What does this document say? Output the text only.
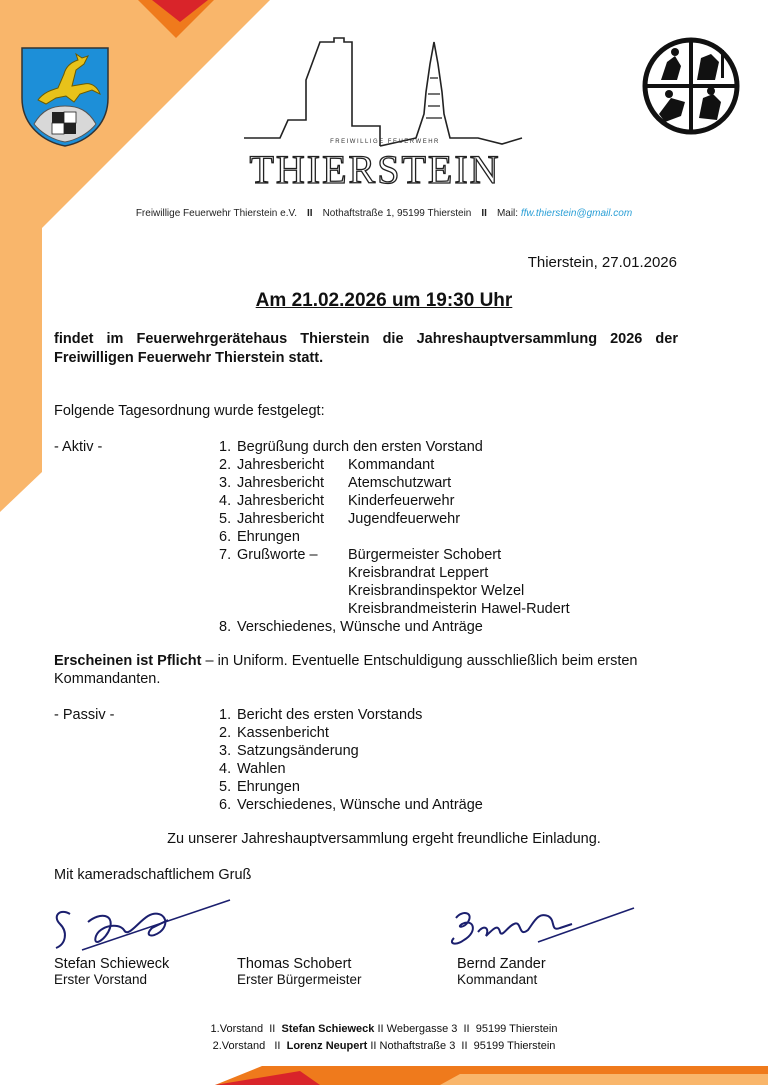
FREIWILLIGE FEUERWEHR
THIERSTEIN
Freiwillige Feuerwehr Thierstein e.V. II Nothaftstraße 1, 95199 Thierstein II Mail: ffw.thierstein@gmail.com
Thierstein, 27.01.2026
Am 21.02.2026 um 19:30 Uhr
findet im Feuerwehrgerätehaus Thierstein die Jahreshauptversammlung 2026 der Freiwilligen Feuerwehr Thierstein statt.
Folgende Tagesordnung wurde festgelegt:
- Aktiv -	1. Begrüßung durch den ersten Vorstand
2. Jahresbericht Kommandant
3. Jahresbericht Atemschutzwart
4. Jahresbericht Kinderfeuerwehr
5. Jahresbericht Jugendfeuerwehr
6. Ehrungen
7. Grußworte – Bürgermeister Schobert
Kreisbrandrat Leppert
Kreisbrandinspektor Welzel
Kreisbrandmeisterin Hawel-Rudert
8. Verschiedenes, Wünsche und Anträge
Erscheinen ist Pflicht – in Uniform. Eventuelle Entschuldigung ausschließlich beim ersten Kommandanten.
- Passiv -	1. Bericht des ersten Vorstands
2. Kassenbericht
3. Satzungsänderung
4. Wahlen
5. Ehrungen
6. Verschiedenes, Wünsche und Anträge
Zu unserer Jahreshauptversammlung ergeht freundliche Einladung.
Mit kameradschaftlichem Gruß
Stefan Schieweck
Erster Vorstand
Thomas Schobert
Erster Bürgermeister
Bernd Zander
Kommandant
1.Vorstand  II  Stefan Schieweck II Webergasse 3  II  95199 Thierstein
2.Vorstand   II  Lorenz Neupert II Nothaftstraße 3  II  95199 Thierstein
